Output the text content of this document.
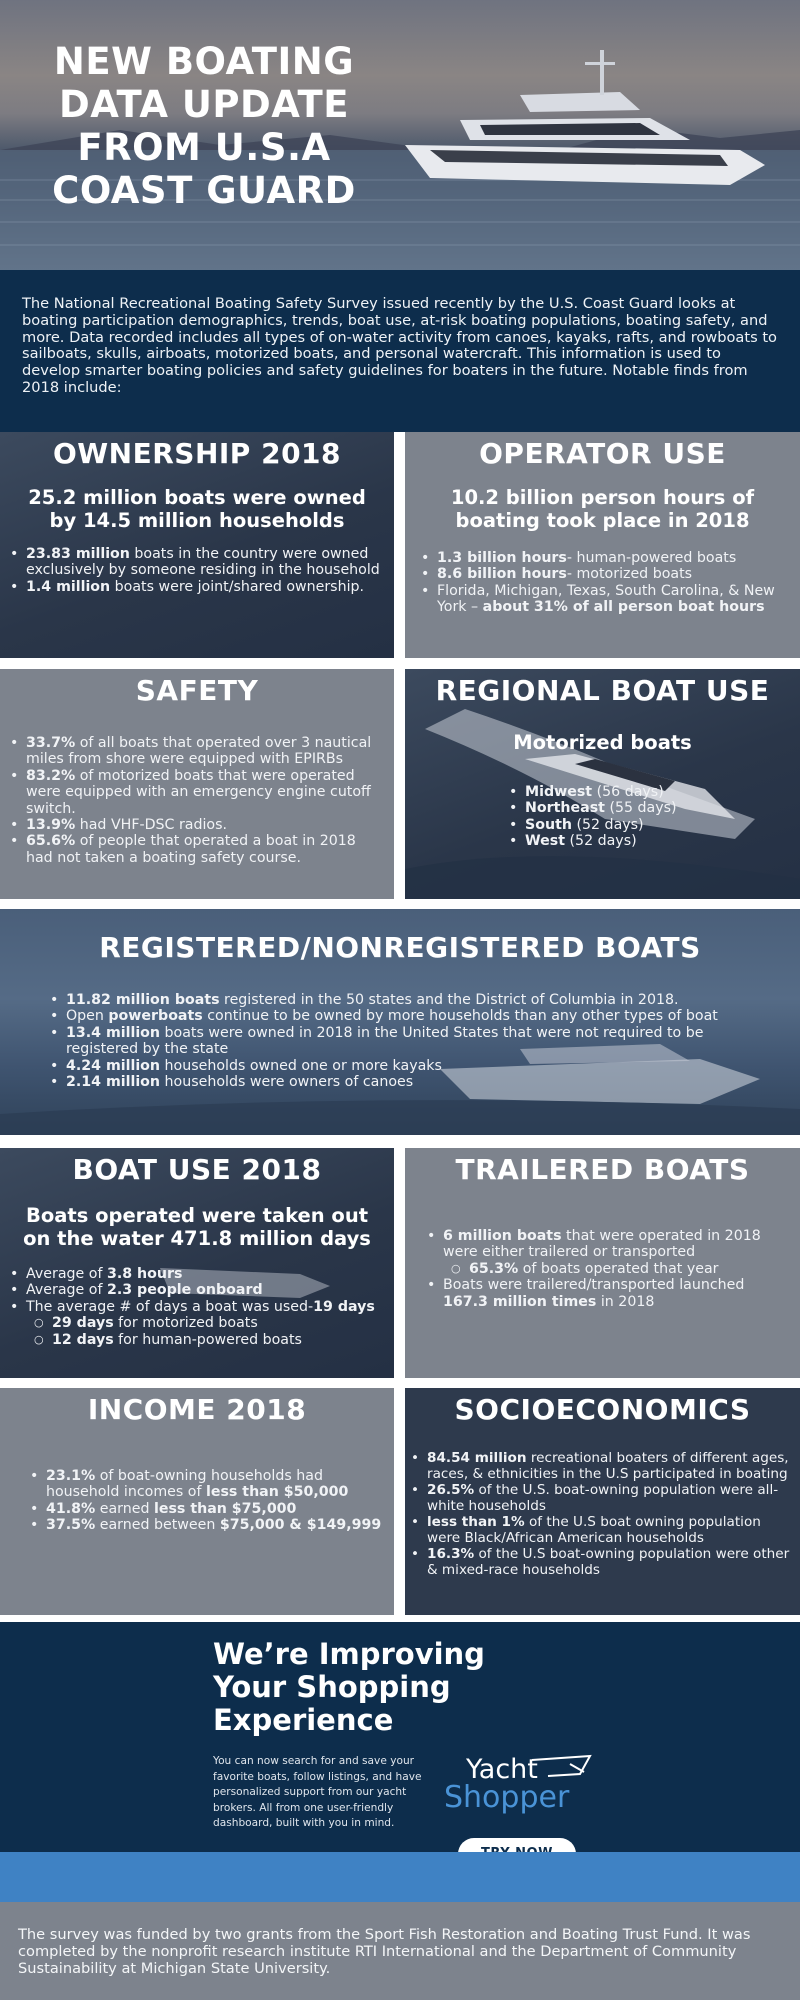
NEW BOATING
DATA UPDATE
FROM U.S.A
COAST GUARD

The National Recreational Boating Safety Survey issued recently by the U.S. Coast Guard looks at boating participation demographics, trends, boat use, at-risk boating populations, boating safety, and more. Data recorded includes all types of on-water activity from canoes, kayaks, rafts, and rowboats to sailboats, skulls, airboats, motorized boats, and personal watercraft. This information is used to develop smarter boating policies and safety guidelines for boaters in the future. Notable finds from 2018 include:

OWNERSHIP 2018
25.2 million boats were owned by 14.5 million households
• 23.83 million boats in the country were owned exclusively by someone residing in the household
• 1.4 million boats were joint/shared ownership.
OPERATOR USE
10.2 billion person hours of boating took place in 2018
• 1.3 billion hours- human-powered boats
• 8.6 billion hours- motorized boats
• Florida, Michigan, Texas, South Carolina, & New York – about 31% of all person boat hours
SAFETY
• 33.7% of all boats that operated over 3 nautical miles from shore were equipped with EPIRBs
• 83.2% of motorized boats that were operated were equipped with an emergency engine cutoff switch.
• 13.9% had VHF-DSC radios.
• 65.6% of people that operated a boat in 2018 had not taken a boating safety course.
REGIONAL BOAT USE
Motorized boats
• Midwest (56 days)
• Northeast (55 days)
• South (52 days)
• West (52 days)
REGISTERED/NONREGISTERED BOATS
• 11.82 million boats registered in the 50 states and the District of Columbia in 2018.
• Open powerboats continue to be owned by more households than any other types of boat
• 13.4 million boats were owned in 2018 in the United States that were not required to be registered by the state
• 4.24 million households owned one or more kayaks
• 2.14 million households were owners of canoes
BOAT USE 2018
Boats operated were taken out on the water 471.8 million days
• Average of 3.8 hours
• Average of 2.3 people onboard
• The average # of days a boat was used-19 days
○ 29 days for motorized boats
○ 12 days for human-powered boats
TRAILERED BOATS
• 6 million boats that were operated in 2018 were either trailered or transported
○ 65.3% of boats operated that year
• Boats were trailered/transported launched 167.3 million times in 2018
INCOME 2018
• 23.1% of boat-owning households had household incomes of less than $50,000
• 41.8% earned less than $75,000
• 37.5% earned between $75,000 & $149,999
SOCIOECONOMICS
• 84.54 million recreational boaters of different ages, races, & ethnicities in the U.S participated in boating
• 26.5% of the U.S. boat-owning population were all-white households
• less than 1% of the U.S boat owning population were Black/African American households
• 16.3% of the U.S boat-owning population were other & mixed-race households
We’re Improving
Your Shopping
Experience

You can now search for and save your favorite boats, follow listings, and have personalized support from our yacht brokers. All from one user-friendly dashboard, built with you in mind.

Yacht
Shopper

The survey was funded by two grants from the Sport Fish Restoration and Boating Trust Fund. It was completed by the nonprofit research institute RTI International and the Department of Community Sustainability at Michigan State University.
